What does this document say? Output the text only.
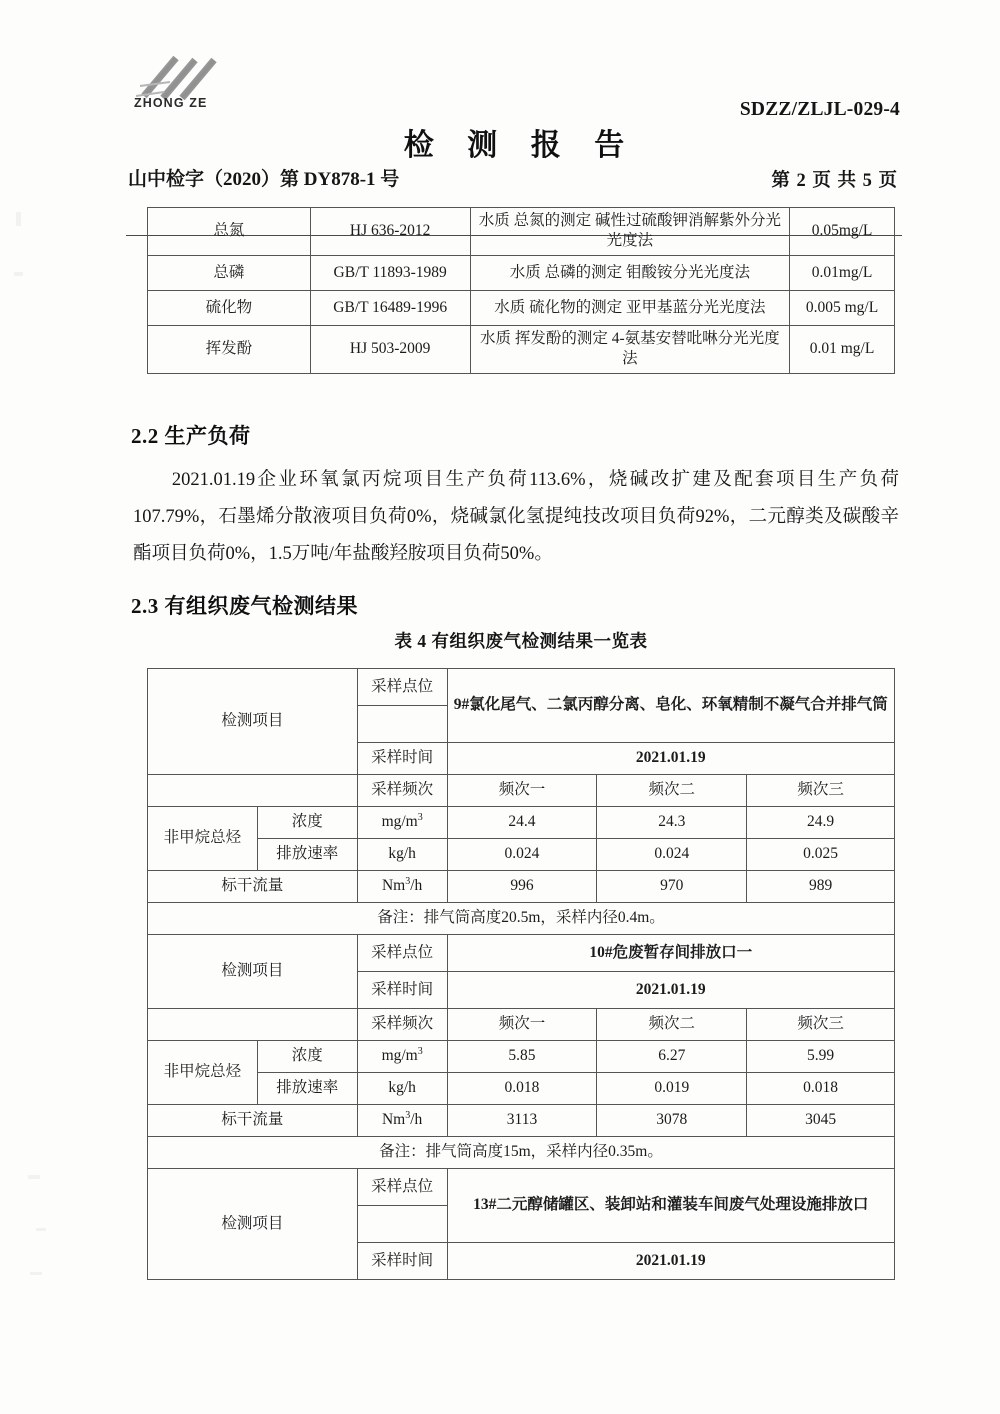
ZHONG ZE	SDZZ/ZLJL-029-4
检 测 报 告
山中检字（2020）第 DY878-1 号	第 2 页 共 5 页
总氮	HJ 636-2012	水质 总氮的测定 碱性过硫酸钾消解紫外分光光度法	0.05mg/L
总磷	GB/T 11893-1989	水质 总磷的测定 钼酸铵分光光度法	0.01mg/L
硫化物	GB/T 16489-1996	水质 硫化物的测定 亚甲基蓝分光光度法	0.005 mg/L
挥发酚	HJ 503-2009	水质 挥发酚的测定 4-氨基安替吡啉分光光度法	0.01 mg/L
2.2 生产负荷
2021.01.19企业环氧氯丙烷项目生产负荷113.6%，烧碱改扩建及配套项目生产负荷107.79%，石墨烯分散液项目负荷0%，烧碱氯化氢提纯技改项目负荷92%，二元醇类及碳酸辛酯项目负荷0%，1.5万吨/年盐酸羟胺项目负荷50%。
2.3 有组织废气检测结果
表 4 有组织废气检测结果一览表
检测项目		采样点位	9#氯化尾气、二氯丙醇分离、皂化、环氧精制不凝气合并排气筒		

		采样时间	2021.01.19		
		采样频次	频次一	频次二	频次三
非甲烷总烃	浓度	$mg/m^3$	24.4	24.3	24.9
	排放速率	kg/h	0.024	0.024	0.025
标干流量		Nm$^3$/h	996	970	989
备注：排气筒高度20.5m，采样内径0.4m。					
检测项目		采样点位	10#危废暂存间排放口一		
		采样时间	2021.01.19		
		采样频次	频次一	频次二	频次三
非甲烷总烃	浓度	$mg/m^3$	5.85	6.27	5.99
	排放速率	kg/h	0.018	0.019	0.018
标干流量		Nm$^3$/h	3113	3078	3045
备注：排气筒高度15m，采样内径0.35m。					
检测项目		采样点位	13#二元醇储罐区、装卸站和灌装车间废气处理设施排放口		

		采样时间	2021.01.19		
